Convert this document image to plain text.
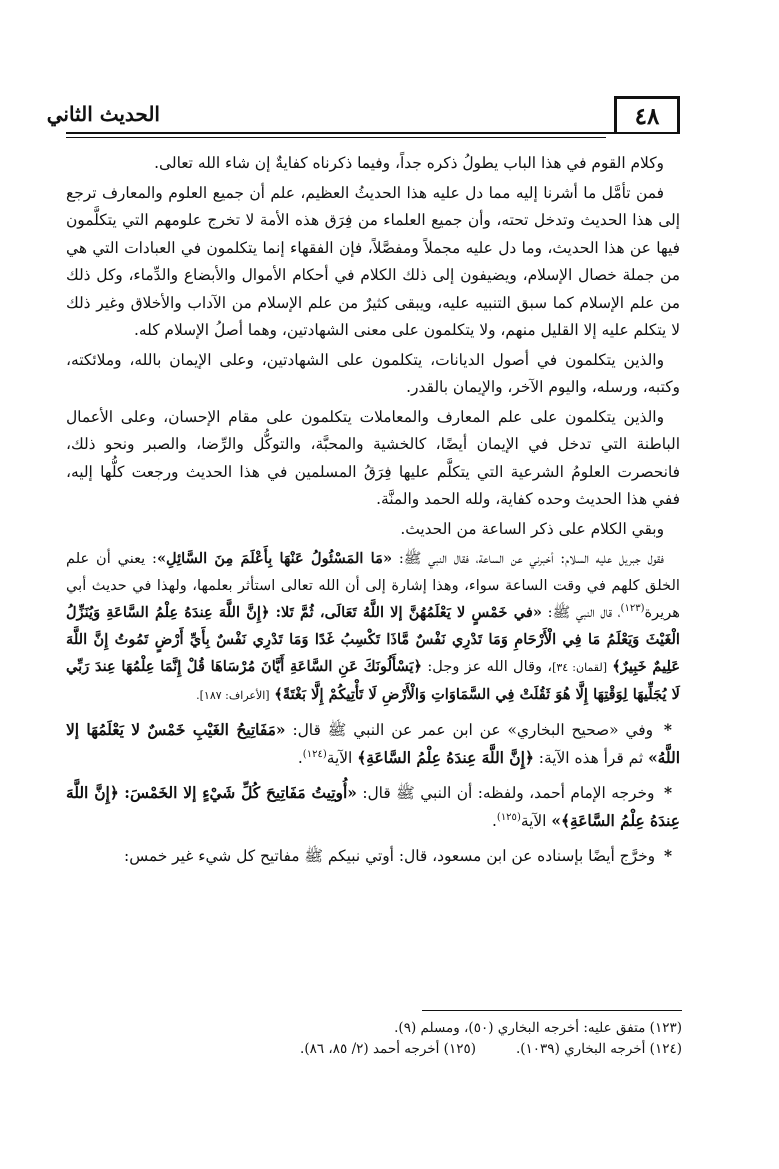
الحديث الثاني	٤٨

وكلام القوم في هذا الباب يطولُ ذكره جداً، وفيما ذكرناه كفايةٌ إن شاء الله تعالى.

فمن تأمَّل ما أشرنا إليه مما دل عليه هذا الحديثُ العظيم، علم أن جميع العلوم والمعارف ترجع إلى هذا الحديث وتدخل تحته، وأن جميع العلماء من فِرَق هذه الأمة لا تخرج علومهم التي يتكلَّمون فيها عن هذا الحديث، وما دل عليه مجملاً ومفصَّلاً، فإن الفقهاء إنما يتكلمون في العبادات التي هي من جملة خصال الإسلام، ويضيفون إلى ذلك الكلام في أحكام الأموال والأبضاع والدِّماء، وكل ذلك من علم الإسلام كما سبق التنبيه عليه، ويبقى كثيرٌ من علم الإسلام من الآداب والأخلاق وغير ذلك لا يتكلم عليه إلا القليل منهم، ولا يتكلمون على معنى الشهادتين، وهما أصلُ الإسلام كله.

والذين يتكلمون في أصول الديانات، يتكلمون على الشهادتين، وعلى الإيمان بالله، وملائكته، وكتبه، ورسله، واليوم الآخر، والإيمان بالقدر.

والذين يتكلمون على علم المعارف والمعاملات يتكلمون على مقام الإحسان، وعلى الأعمال الباطنة التي تدخل في الإيمان أيضًا، كالخشية والمحبَّة، والتوكُّل والرِّضا، والصبر ونحو ذلك، فانحصرت العلومُ الشرعية التي يتكلَّم عليها فِرَقُ المسلمين في هذا الحديث ورجعت كلُّها إليه، ففي هذا الحديث وحده كفاية، ولله الحمد والمنَّة.

وبقي الكلام على ذكر الساعة من الحديث.

فقول جبريل عليه السلام: أخبرني عن الساعة، فقال النبي ﷺ: «مَا المَسْئُولُ عَنْهَا بِأَعْلَمَ مِنَ السَّائِلِ»: يعني أن علم الخلق كلهم في وقت الساعة سواء، وهذا إشارة إلى أن الله تعالى استأثر بعلمها، ولهذا في حديث أبي هريرة$^{(١٢٣)}$، قال النبي ﷺ: «في خَمْسٍ لا يَعْلَمُهُنَّ إلا اللَّهُ تَعَالَى، ثُمَّ تَلا: ﴿إِنَّ اللَّهَ عِندَهُ عِلْمُ السَّاعَةِ وَيُنَزِّلُ الْغَيْثَ وَيَعْلَمُ مَا فِي الْأَرْحَامِ وَمَا تَدْرِي نَفْسٌ مَّاذَا تَكْسِبُ غَدًا وَمَا تَدْرِي نَفْسٌ بِأَيِّ أَرْضٍ تَمُوتُ إِنَّ اللَّهَ عَلِيمٌ خَبِيرٌ﴾ [لقمان: ٣٤]، وقال الله عز وجل: ﴿يَسْأَلُونَكَ عَنِ السَّاعَةِ أَيَّانَ مُرْسَاهَا قُلْ إِنَّمَا عِلْمُهَا عِندَ رَبِّي لَا يُجَلِّيهَا لِوَقْتِهَا إِلَّا هُوَ ثَقُلَتْ فِي السَّمَاوَاتِ وَالْأَرْضِ لَا تَأْتِيكُمْ إِلَّا بَغْتَةً﴾ [الأعراف: ١٨٧].

* وفي «صحيح البخاري» عن ابن عمر عن النبي ﷺ قال: «مَفَاتِيحُ الغَيْبِ خَمْسٌ لا يَعْلَمُهَا إلا اللَّهُ» ثم قرأ هذه الآية: ﴿إِنَّ اللَّهَ عِندَهُ عِلْمُ السَّاعَةِ﴾ الآية$^{(١٢٤)}$.

* وخرجه الإمام أحمد، ولفظه: أن النبي ﷺ قال: «أُوتِيتُ مَفَاتِيحَ كُلِّ شَيْءٍ إلا الخَمْسَ: ﴿إِنَّ اللَّهَ عِندَهُ عِلْمُ السَّاعَةِ﴾» الآية$^{(١٢٥)}$.

* وخرَّج أيضًا بإسناده عن ابن مسعود، قال: أوتي نبيكم ﷺ مفاتيح كل شيء غير خمس:

(١٢٣) متفق عليه: أخرجه البخاري (٥٠)، ومسلم (٩).
(١٢٤) أخرجه البخاري (١٠٣٩).
(١٢٥) أخرجه أحمد (٢/ ٨٥، ٨٦).
